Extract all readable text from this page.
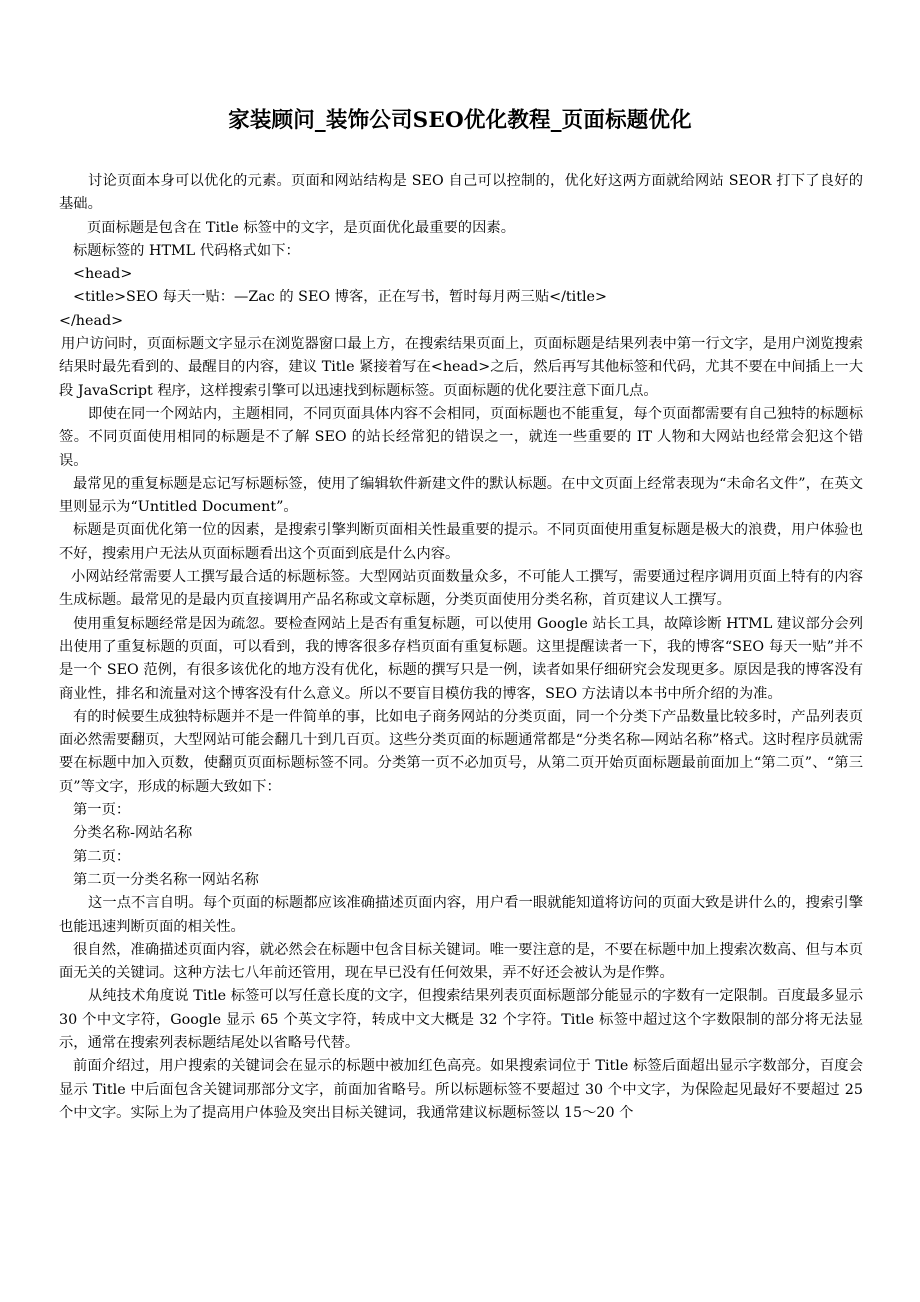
家装顾问_装饰公司SEO优化教程_页面标题优化

讨论页面本身可以优化的元素。页面和网站结构是 SEO 自己可以控制的，优化好这两方面就给网站 SEOR 打下了良好的基础。

页面标题是包含在 Title 标签中的文字，是页面优化最重要的因素。

标题标签的 HTML 代码格式如下：

<head>

<title>SEO 每天一贴：—Zac 的 SEO 博客，正在写书，暂时每月两三贴</title>

</head>

用户访问时，页面标题文字显示在浏览器窗口最上方，在搜索结果页面上，页面标题是结果列表中第一行文字，是用户浏览搜索结果时最先看到的、最醒目的内容，建议 Title 紧接着写在<head>之后，然后再写其他标签和代码，尤其不要在中间插上一大段 JavaScript 程序，这样搜索引擎可以迅速找到标题标签。页面标题的优化要注意下面几点。

即使在同一个网站内，主题相同，不同页面具体内容不会相同，页面标题也不能重复，每个页面都需要有自己独特的标题标签。不同页面使用相同的标题是不了解 SEO 的站长经常犯的错误之一，就连一些重要的 IT 人物和大网站也经常会犯这个错误。

最常见的重复标题是忘记写标题标签，使用了编辑软件新建文件的默认标题。在中文页面上经常表现为“未命名文件”，在英文里则显示为“Untitled Document”。

标题是页面优化第一位的因素，是搜索引擎判断页面相关性最重要的提示。不同页面使用重复标题是极大的浪费，用户体验也不好，搜索用户无法从页面标题看出这个页面到底是什么内容。

小网站经常需要人工撰写最合适的标题标签。大型网站页面数量众多，不可能人工撰写，需要通过程序调用页面上特有的内容生成标题。最常见的是最内页直接调用产品名称或文章标题，分类页面使用分类名称，首页建议人工撰写。

使用重复标题经常是因为疏忽。要检查网站上是否有重复标题，可以使用 Google 站长工具，故障诊断 HTML 建议部分会列出使用了重复标题的页面，可以看到，我的博客很多存档页面有重复标题。这里提醒读者一下，我的博客“SEO 每天一贴”并不是一个 SEO 范例，有很多该优化的地方没有优化，标题的撰写只是一例，读者如果仔细研究会发现更多。原因是我的博客没有商业性，排名和流量对这个博客没有什么意义。所以不要盲目模仿我的博客，SEO 方法请以本书中所介绍的为准。

有的时候要生成独特标题并不是一件简单的事，比如电子商务网站的分类页面，同一个分类下产品数量比较多时，产品列表页面必然需要翻页，大型网站可能会翻几十到几百页。这些分类页面的标题通常都是“分类名称—网站名称”格式。这时程序员就需要在标题中加入页数，使翻页页面标题标签不同。分类第一页不必加页号，从第二页开始页面标题最前面加上“第二页”、“第三页”等文字，形成的标题大致如下：

第一页：

分类名称-网站名称

第二页：

第二页一分类名称一网站名称

这一点不言自明。每个页面的标题都应该准确描述页面内容，用户看一眼就能知道将访问的页面大致是讲什么的，搜索引擎也能迅速判断页面的相关性。

很自然，准确描述页面内容，就必然会在标题中包含目标关键词。唯一要注意的是，不要在标题中加上搜索次数高、但与本页面无关的关键词。这种方法七八年前还管用，现在早已没有任何效果，弄不好还会被认为是作弊。

从纯技术角度说 Title 标签可以写任意长度的文字，但搜索结果列表页面标题部分能显示的字数有一定限制。百度最多显示 30 个中文字符，Google 显示 65 个英文字符，转成中文大概是 32 个字符。Title 标签中超过这个字数限制的部分将无法显示，通常在搜索列表标题结尾处以省略号代替。

前面介绍过，用户搜索的关键词会在显示的标题中被加红色高亮。如果搜索词位于 Title 标签后面超出显示字数部分，百度会显示 Title 中后面包含关键词那部分文字，前面加省略号。所以标题标签不要超过 30 个中文字，为保险起见最好不要超过 25 个中文字。实际上为了提高用户体验及突出目标关键词，我通常建议标题标签以 15～20 个
